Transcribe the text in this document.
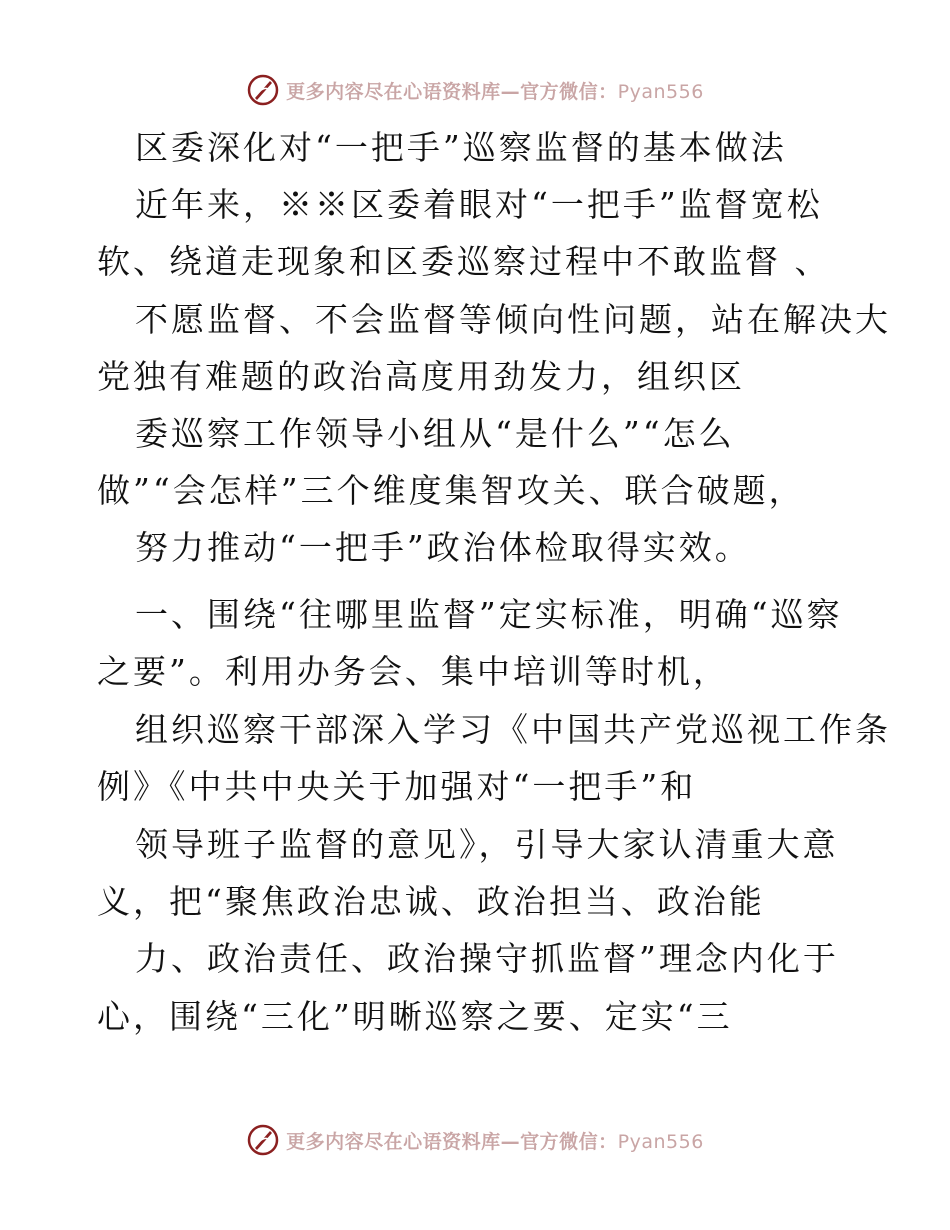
更多内容尽在心语资料库—官方微信：Pyan556
区委深化对“一把手”巡察监督的基本做法
近年来，※※区委着眼对“一把手”监督宽松
软、绕道走现象和区委巡察过程中不敢监督 、
不愿监督、不会监督等倾向性问题，站在解决大
党独有难题的政治高度用劲发力，组织区
委巡察工作领导小组从“是什么”“怎么
做”“会怎样”三个维度集智攻关、联合破题，
努力推动“一把手”政治体检取得实效。
一、围绕“往哪里监督”定实标准，明确“巡察
之要”。利用办务会、集中培训等时机，
组织巡察干部深入学习《中国共产党巡视工作条
例》《中共中央关于加强对“一把手”和
领导班子监督的意见》，引导大家认清重大意
义，把“聚焦政治忠诚、政治担当、政治能
力、政治责任、政治操守抓监督”理念内化于
心，围绕“三化”明晰巡察之要、定实“三
更多内容尽在心语资料库—官方微信：Pyan556
